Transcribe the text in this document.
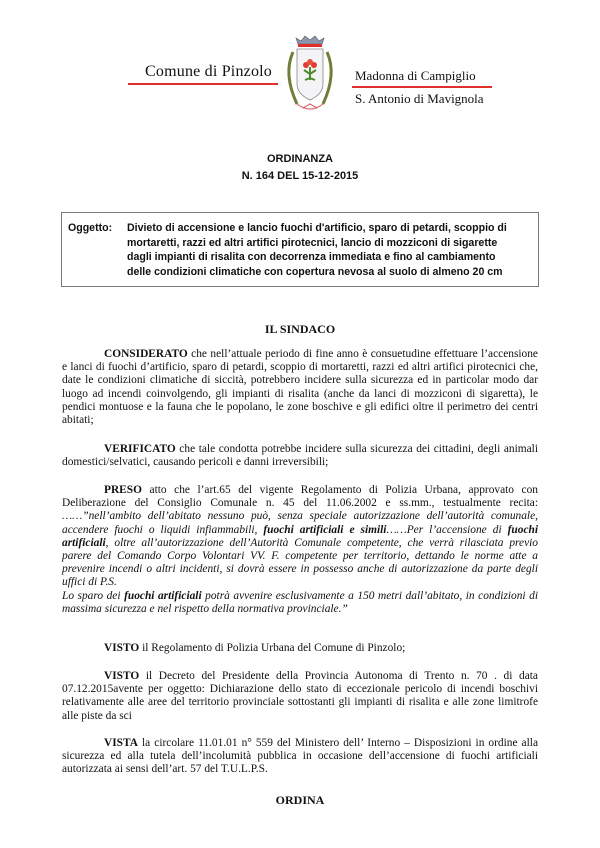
Comune di Pinzolo	Madonna di Campiglio
S. Antonio di Mavignola
ORDINANZA
N. 164 DEL 15-12-2015
Oggetto: Divieto di accensione e lancio fuochi d'artificio, sparo di petardi, scoppio di
mortaretti, razzi ed altri artifici pirotecnici, lancio di mozziconi di sigarette
dagli impianti di risalita con decorrenza immediata e fino al cambiamento
delle condizioni climatiche con copertura nevosa al suolo di almeno 20 cm
IL SINDACO
CONSIDERATO che nell’attuale periodo di fine anno è consuetudine effettuare l’accensione e lanci di fuochi d’artificio, sparo di petardi, scoppio di mortaretti, razzi ed altri artifici pirotecnici che, date le condizioni climatiche di siccità, potrebbero incidere sulla sicurezza ed in particolar modo dar luogo ad incendi coinvolgendo, gli impianti di risalita (anche da lanci di mozziconi di sigaretta), le pendici montuose e la fauna che le popolano, le zone boschive e gli edifici oltre il perimetro dei centri abitati;
VERIFICATO che tale condotta potrebbe incidere sulla sicurezza dei cittadini, degli animali domestici/selvatici, causando pericoli e danni irreversibili;
PRESO atto che l’art.65 del vigente Regolamento di Polizia Urbana, approvato con Deliberazione del Consiglio Comunale n. 45 del 11.06.2002 e ss.mm., testualmente recita: ……”nell’ambito dell’abitato nessuno può, senza speciale autorizzazione dell’autorità comunale, accendere fuochi o liquidi infiammabili, fuochi artificiali e simili……Per l’accensione di fuochi artificiali, oltre all’autorizzazione dell’Autorità Comunale competente, che verrà rilasciata previo parere del Comando Corpo Volontari VV. F. competente per territorio, dettando le norme atte a prevenire incendi o altri incidenti, si dovrà essere in possesso anche di autorizzazione da parte degli uffici di P.S.
Lo sparo dei fuochi artificiali potrà avvenire esclusivamente a 150 metri dall’abitato, in condizioni di massima sicurezza e nel rispetto della normativa provinciale.”
VISTO il Regolamento di Polizia Urbana del Comune di Pinzolo;
VISTO il Decreto del Presidente della Provincia Autonoma di Trento n. 70 . di data 07.12.2015avente per oggetto: Dichiarazione dello stato di eccezionale pericolo di incendi boschivi relativamente alle aree del territorio provinciale sottostanti gli impianti di risalita e alle zone limitrofe alle piste da sci
VISTA la circolare 11.01.01 n° 559 del Ministero dell’ Interno – Disposizioni in ordine alla sicurezza ed alla tutela dell’incolumità pubblica in occasione dell’accensione di fuochi artificiali autorizzata ai sensi dell’art. 57 del T.U.L.P.S.
ORDINA
